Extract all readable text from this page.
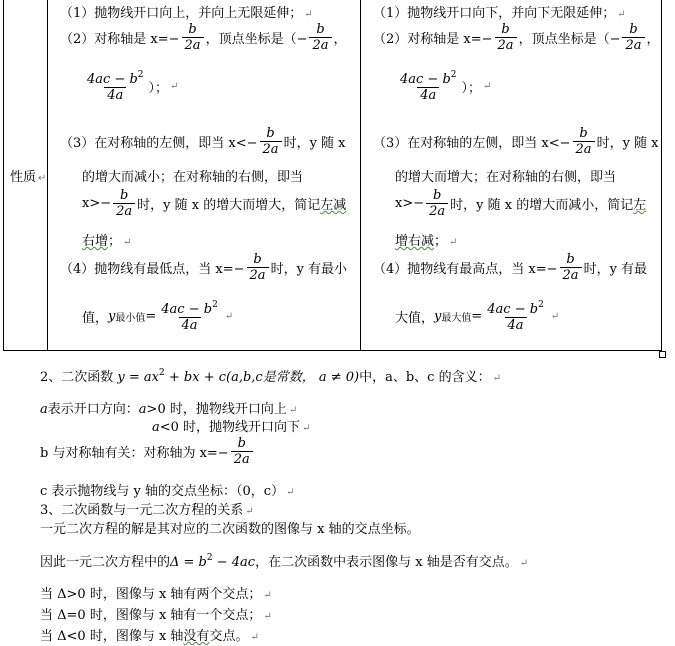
性质 ↵
（1）抛物线开口向上，并向上无限延伸； ↵
（2）对称轴是 $x=- \frac{b}{2a}$ ，顶点坐标是（− $\frac{b}{2a}$ ，
$\frac{4ac - b^2}{4a}$ ）； ↵
（3）在对称轴的左侧，即当 $x<- \frac{b}{2a}$ 时，y 随 x
的增大而减小；在对称轴的右侧，即当
$x>- \frac{b}{2a}$ 时，y 随 x 的增大而增大，简记 左减
右增； ↵
（4）抛物线有最低点，当 $x=- \frac{b}{2a}$ 时，y 有最小
值， y 最小值 = $\frac{4ac - b^2}{4a}$ ↵
（1）抛物线开口向下，并向下无限延伸； ↵
（2）对称轴是 $x=- \frac{b}{2a}$ ，顶点坐标是（− $\frac{b}{2a}$ ，
$\frac{4ac - b^2}{4a}$ ）； ↵
（3）在对称轴的左侧，即当 $x<- \frac{b}{2a}$ 时，y 随 x
的增大而增大；在对称轴的右侧，即当
$x>- \frac{b}{2a}$ 时，y 随 x 的增大而减小，简记 左
增右减； ↵
（4）抛物线有最高点，当 $x=- \frac{b}{2a}$ 时，y 有最
大值， y 最大值 = $\frac{4ac - b^2}{4a}$ ↵
2、二次函数 $y = ax^2$ + bx + c(a,b,c是常数， a ≠ 0)中，a、b、c 的含义： ↵
a表示开口方向：a>0 时，抛物线开口向上 ↵
a<0 时，抛物线开口向下 ↵
b 与对称轴有关：对称轴为 $x=- \frac{b}{2a}$
c 表示抛物线与 y 轴的交点坐标：（0，c） ↵
3、二次函数与一元二次方程的关系 ↵
一元二次方程的解是其对应的二次函数的图像与 x 轴的交点坐标。
因此一元二次方程中的$\Delta = b^2 - 4ac$，在二次函数中表示图像与 x 轴是否有交点。 ↵
当 Δ>0 时，图像与 x 轴有两个交点； ↵
当 Δ=0 时，图像与 x 轴有一个交点； ↵
当 Δ<0 时，图像与 x 轴没有交点。 ↵
